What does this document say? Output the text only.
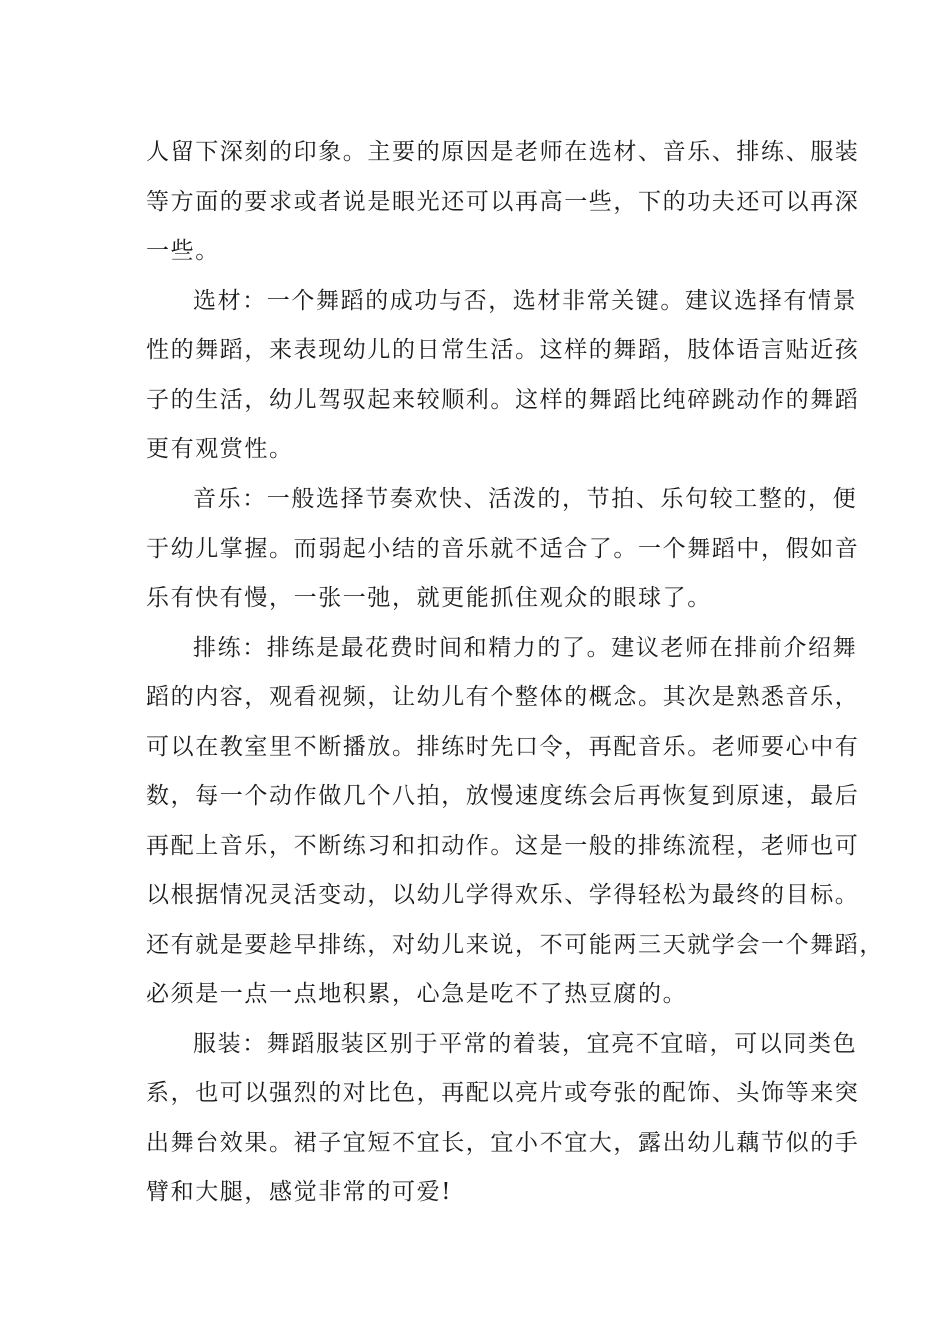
人留下深刻的印象。主要的原因是老师在选材、音乐、排练、服装
等方面的要求或者说是眼光还可以再高一些，下的功夫还可以再深
一些。
选材：一个舞蹈的成功与否，选材非常关键。建议选择有情景
性的舞蹈，来表现幼儿的日常生活。这样的舞蹈，肢体语言贴近孩
子的生活，幼儿驾驭起来较顺利。这样的舞蹈比纯碎跳动作的舞蹈
更有观赏性。
音乐：一般选择节奏欢快、活泼的，节拍、乐句较工整的，便
于幼儿掌握。而弱起小结的音乐就不适合了。一个舞蹈中，假如音
乐有快有慢，一张一弛，就更能抓住观众的眼球了。
排练：排练是最花费时间和精力的了。建议老师在排前介绍舞
蹈的内容，观看视频，让幼儿有个整体的概念。其次是熟悉音乐，
可以在教室里不断播放。排练时先口令，再配音乐。老师要心中有
数，每一个动作做几个八拍，放慢速度练会后再恢复到原速，最后
再配上音乐，不断练习和扣动作。这是一般的排练流程，老师也可
以根据情况灵活变动，以幼儿学得欢乐、学得轻松为最终的目标。
还有就是要趁早排练，对幼儿来说，不可能两三天就学会一个舞蹈，
必须是一点一点地积累，心急是吃不了热豆腐的。
服装：舞蹈服装区别于平常的着装，宜亮不宜暗，可以同类色
系，也可以强烈的对比色，再配以亮片或夸张的配饰、头饰等来突
出舞台效果。裙子宜短不宜长，宜小不宜大，露出幼儿藕节似的手
臂和大腿，感觉非常的可爱!
